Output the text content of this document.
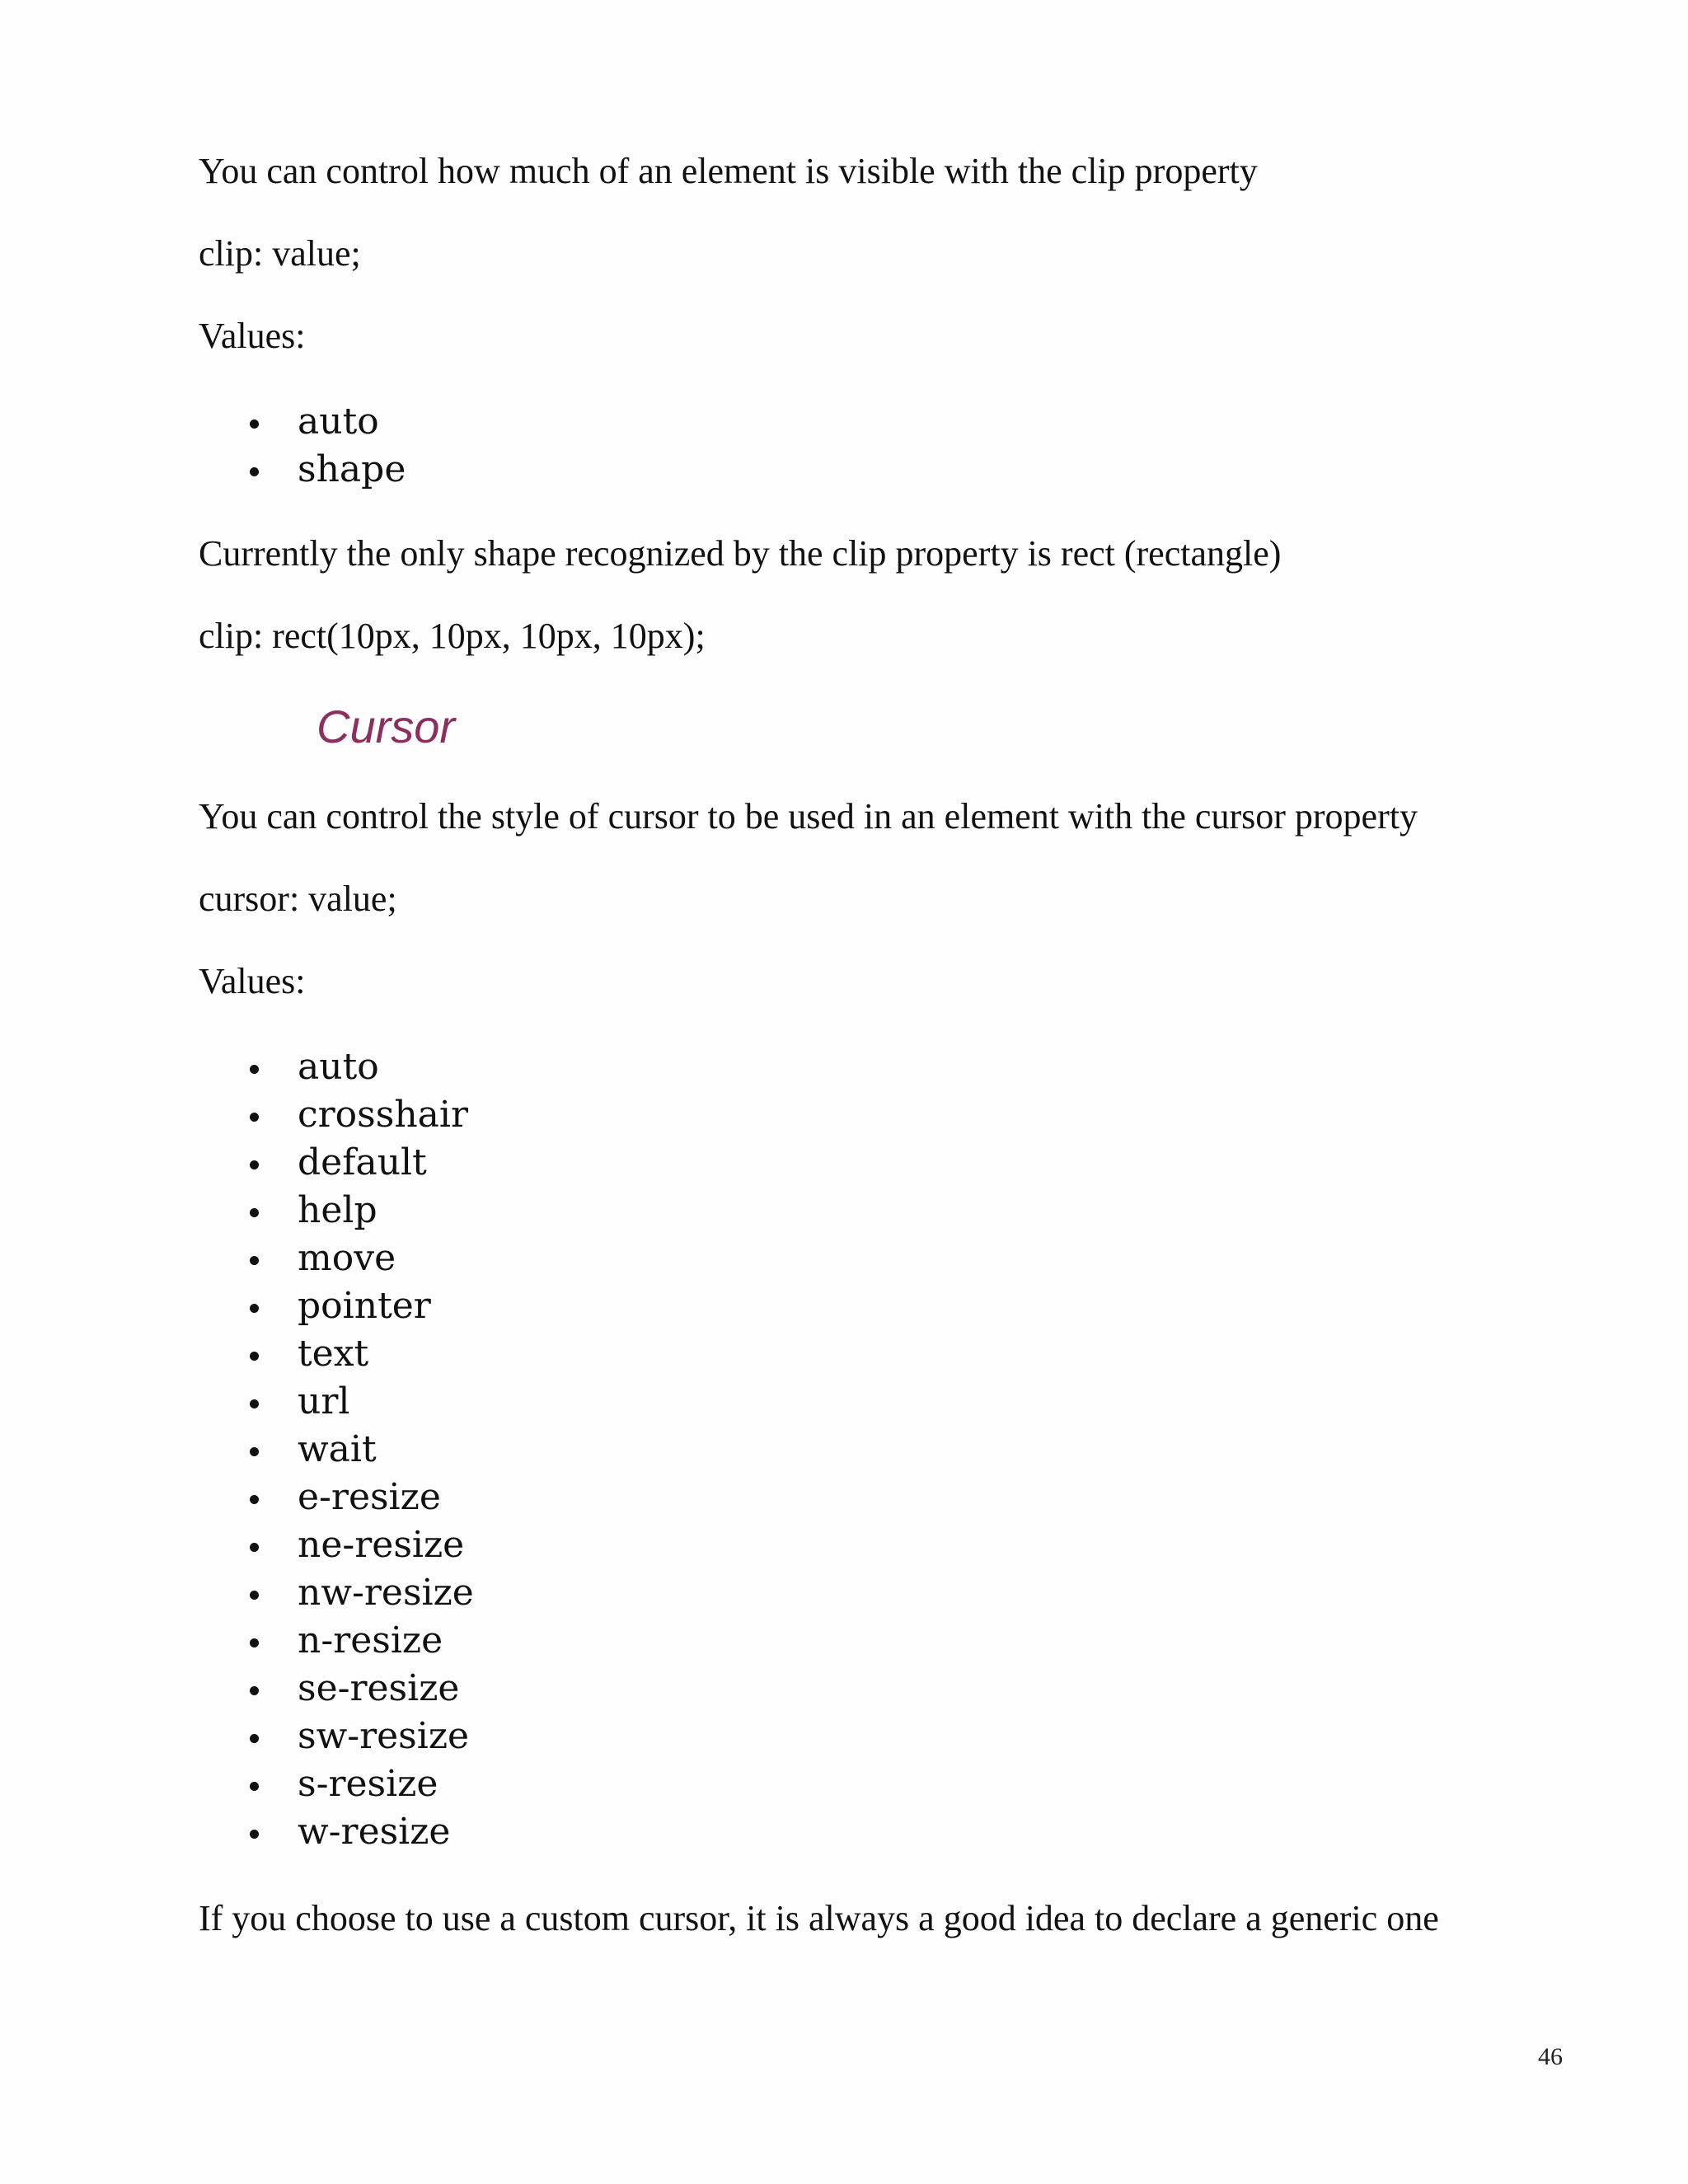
You can control how much of an element is visible with the clip property

clip: value;

Values:

auto
shape

Currently the only shape recognized by the clip property is rect (rectangle)

clip: rect(10px, 10px, 10px, 10px);

Cursor

You can control the style of cursor to be used in an element with the cursor property

cursor: value;

Values:

auto
crosshair
default
help
move
pointer
text
url
wait
e-resize
ne-resize
nw-resize
n-resize
se-resize
sw-resize
s-resize
w-resize

If you choose to use a custom cursor, it is always a good idea to declare a generic one

46
